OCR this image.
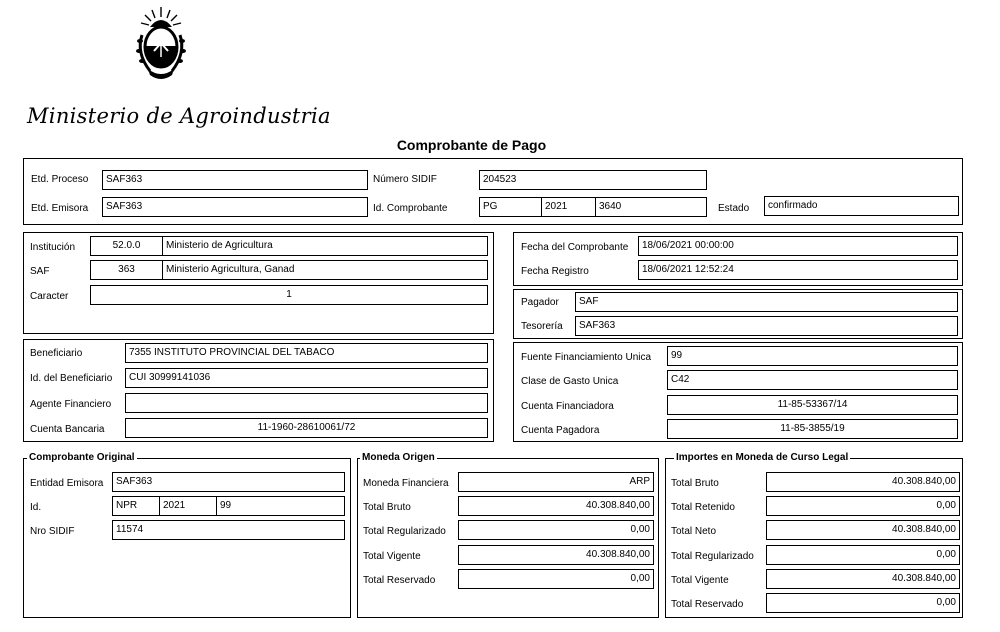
Ministerio de Agroindustria
Comprobante de Pago
Etd. Proceso	SAF363	Número SIDIF	204523
Etd. Emisora	SAF363	Id. Comprobante	PG	2021	3640	Estado	confirmado
Institución	52.0.0	Ministerio de Agricultura
SAF	363	Ministerio Agricultura, Ganad
Caracter	1
Fecha del Comprobante	18/06/2021 00:00:00
Fecha Registro	18/06/2021 12:52:24
Pagador	SAF
Tesorería	SAF363
Beneficiario	7355 INSTITUTO PROVINCIAL DEL TABACO
Id. del Beneficiario	CUI 30999141036
Agente Financiero
Cuenta Bancaria	11-1960-28610061/72
Fuente Financiamiento Unica	99
Clase de Gasto Unica	C42
Cuenta Financiadora	11-85-53367/14
Cuenta Pagadora	11-85-3855/19
Comprobante Original
Entidad Emisora	SAF363
Id.	NPR	2021	99
Nro SIDIF	11574
Moneda Origen
Moneda Financiera	ARP
Total Bruto	40.308.840,00
Total Regularizado	0,00
Total Vigente	40.308.840,00
Total Reservado	0,00
Importes en Moneda de Curso Legal
Total Bruto	40.308.840,00
Total Retenido	0,00
Total Neto	40.308.840,00
Total Regularizado	0,00
Total Vigente	40.308.840,00
Total Reservado	0,00
